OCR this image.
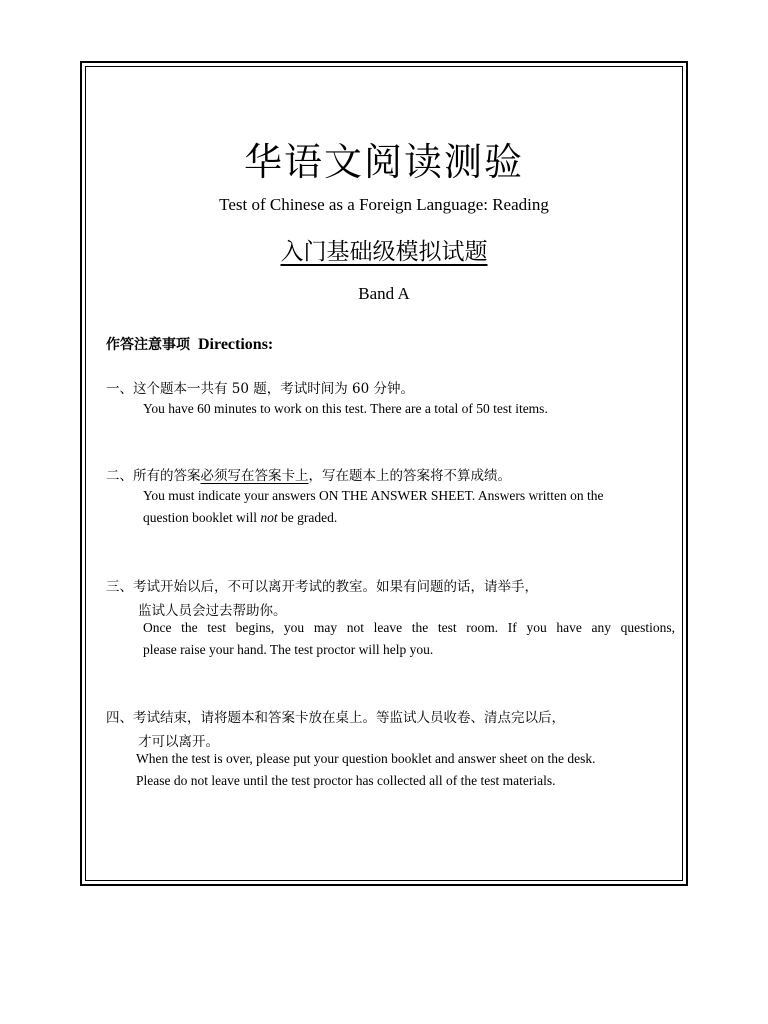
华语文阅读测验
Test of Chinese as a Foreign Language: Reading
入门基础级模拟试题
Band A
作答注意事项 Directions:
一、这个题本一共有 50 题，考试时间为 60 分钟。
You have 60 minutes to work on this test. There are a total of 50 test items.
二、所有的答案必须写在答案卡上，写在题本上的答案将不算成绩。
You must indicate your answers ON THE ANSWER SHEET. Answers written on the
question booklet will not be graded.
三、考试开始以后，不可以离开考试的教室。如果有问题的话，请举手，
监试人员会过去帮助你。
Once the test begins, you may not leave the test room. If you have any questions,
please raise your hand. The test proctor will help you.
四、考试结束，请将题本和答案卡放在桌上。等监试人员收卷、清点完以后，
才可以离开。
When the test is over, please put your question booklet and answer sheet on the desk.
Please do not leave until the test proctor has collected all of the test materials.
